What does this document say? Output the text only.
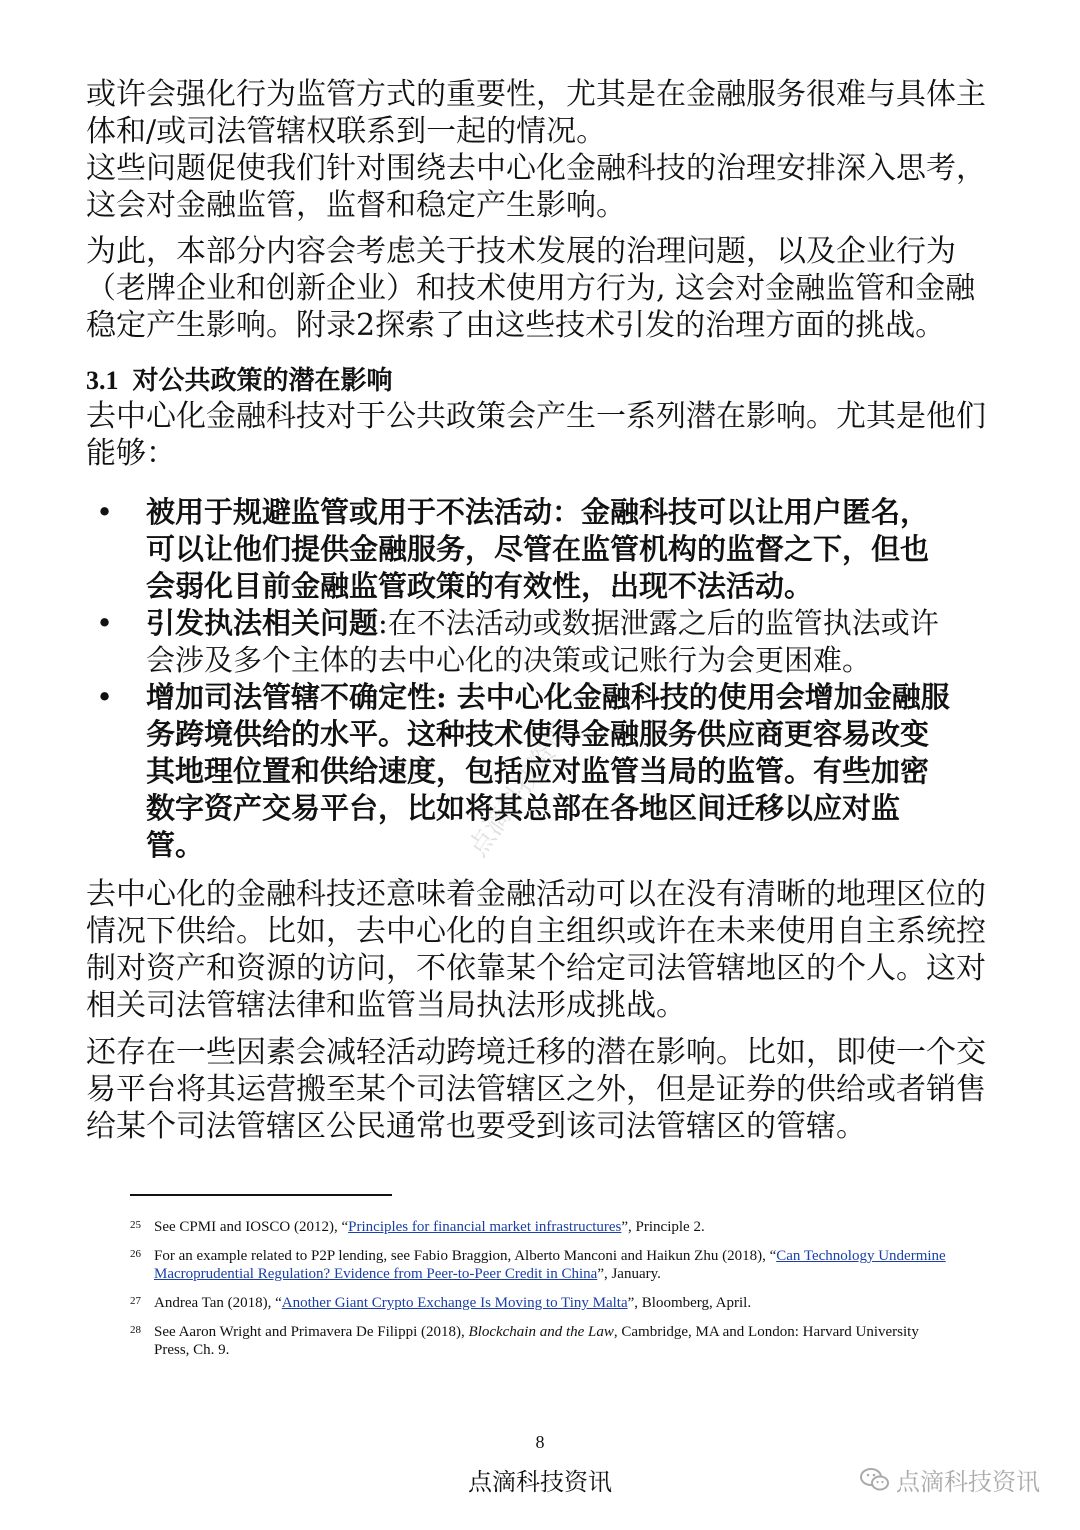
或许会强化行为监管方式的重要性，尤其是在金融服务很难与具体主体和/或司法管辖权联系到一起的情况。

这些问题促使我们针对围绕去中心化金融科技的治理安排深入思考，这会对金融监管，监督和稳定产生影响。

为此，本部分内容会考虑关于技术发展的治理问题，以及企业行为（老牌企业和创新企业）和技术使用方行为, 这会对金融监管和金融稳定产生影响。附录2探索了由这些技术引发的治理方面的挑战。

3.1 对公共政策的潜在影响

去中心化金融科技对于公共政策会产生一系列潜在影响。尤其是他们能够：

• 被用于规避监管或用于不法活动：金融科技可以让用户匿名，可以让他们提供金融服务，尽管在监管机构的监督之下，但也会弱化目前金融监管政策的有效性，出现不法活动。
• 引发执法相关问题:在不法活动或数据泄露之后的监管执法或许会涉及多个主体的去中心化的决策或记账行为会更困难。
• 增加司法管辖不确定性: 去中心化金融科技的使用会增加金融服务跨境供给的水平。这种技术使得金融服务供应商更容易改变其地理位置和供给速度，包括应对监管当局的监管。有些加密数字资产交易平台，比如将其总部在各地区间迁移以应对监管。

去中心化的金融科技还意味着金融活动可以在没有清晰的地理区位的情况下供给。比如，去中心化的自主组织或许在未来使用自主系统控制对资产和资源的访问，不依靠某个给定司法管辖地区的个人。这对相关司法管辖法律和监管当局执法形成挑战。

还存在一些因素会减轻活动跨境迁移的潜在影响。比如，即使一个交易平台将其运营搬至某个司法管辖区之外，但是证券的供给或者销售给某个司法管辖区公民通常也要受到该司法管辖区的管辖。

25 See CPMI and IOSCO (2012), “Principles for financial market infrastructures”, Principle 2.
26 For an example related to P2P lending, see Fabio Braggion, Alberto Manconi and Haikun Zhu (2018), “Can Technology Undermine Macroprudential Regulation? Evidence from Peer-to-Peer Credit in China”, January.
27 Andrea Tan (2018), “Another Giant Crypto Exchange Is Moving to Tiny Malta”, Bloomberg, April.
28 See Aaron Wright and Primavera De Filippi (2018), Blockchain and the Law, Cambridge, MA and London: Harvard University Press, Ch. 9.
点滴科技资讯
8
点滴科技资讯	点滴科技资讯
